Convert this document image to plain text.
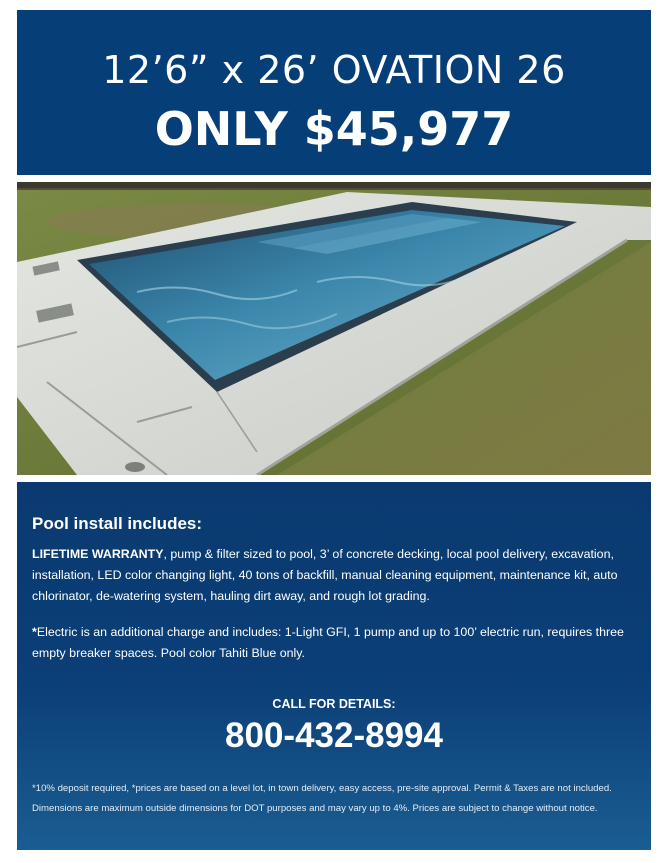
12’6” x 26’ OVATION 26
ONLY $45,977
Pool install includes:
LIFETIME WARRANTY, pump & filter sized to pool, 3’ of concrete decking, local pool delivery, excavation, installation, LED color changing light, 40 tons of backfill, manual cleaning equipment, maintenance kit, auto chlorinator, de-watering system, hauling dirt away, and rough lot grading.
*Electric is an additional charge and includes: 1-Light GFI, 1 pump and up to 100’ electric run, requires three empty breaker spaces. Pool color Tahiti Blue only.
CALL FOR DETAILS:
800-432-8994
*10% deposit required, *prices are based on a level lot, in town delivery, easy access, pre-site approval. Permit & Taxes are not included. Dimensions are maximum outside dimensions for DOT purposes and may vary up to 4%. Prices are subject to change without notice.
